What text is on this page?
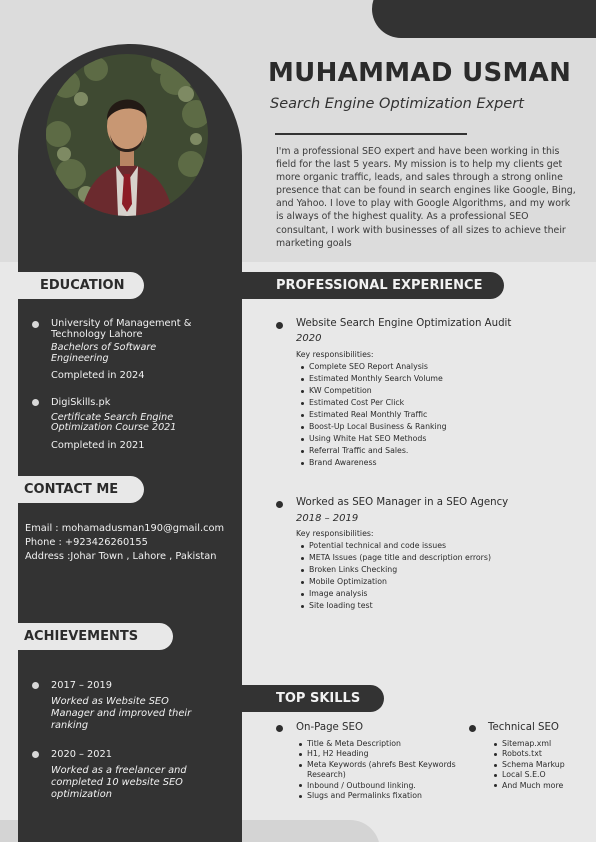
MUHAMMAD USMAN
Search Engine Optimization Expert
I'm a professional SEO expert and have been working in this field for the last 5 years. My mission is to help my clients get more organic traffic, leads, and sales through a strong online presence that can be found in search engines like Google, Bing, and Yahoo. I love to play with Google Algorithms, and my work is always of the highest quality. As a professional SEO consultant, I work with businesses of all sizes to achieve their marketing goals
EDUCATION
University of Management & Technology Lahore
Bachelors of Software Engineering
Completed in 2024
DigiSkills.pk
Certificate Search Engine Optimization Course 2021
Completed in 2021
CONTACT ME
Email : mohamadusman190@gmail.com
Phone : +923426260155
Address :Johar Town , Lahore , Pakistan
ACHIEVEMENTS
2017 – 2019
Worked as Website SEO Manager and improved their ranking
2020 – 2021
Worked as a freelancer and completed 10 website SEO optimization
PROFESSIONAL EXPERIENCE
Website Search Engine Optimization Audit
2020
Key responsibilities:
Complete SEO Report Analysis
Estimated Monthly Search Volume
KW Competition
Estimated Cost Per Click
Estimated Real Monthly Traffic
Boost-Up Local Business & Ranking
Using White Hat SEO Methods
Referral Traffic and Sales.
Brand Awareness
Worked as SEO Manager in a SEO Agency
2018 – 2019
Key responsibilities:
Potential technical and code issues
META Issues (page title and description errors)
Broken Links Checking
Mobile Optimization
Image analysis
Site loading test
TOP SKILLS
On-Page SEO
Title & Meta Description
H1, H2 Heading
Meta Keywords (ahrefs Best Keywords Research)
Inbound / Outbound linking.
Slugs and Permalinks fixation
Technical SEO
Sitemap.xml
Robots.txt
Schema Markup
Local S.E.O
And Much more
